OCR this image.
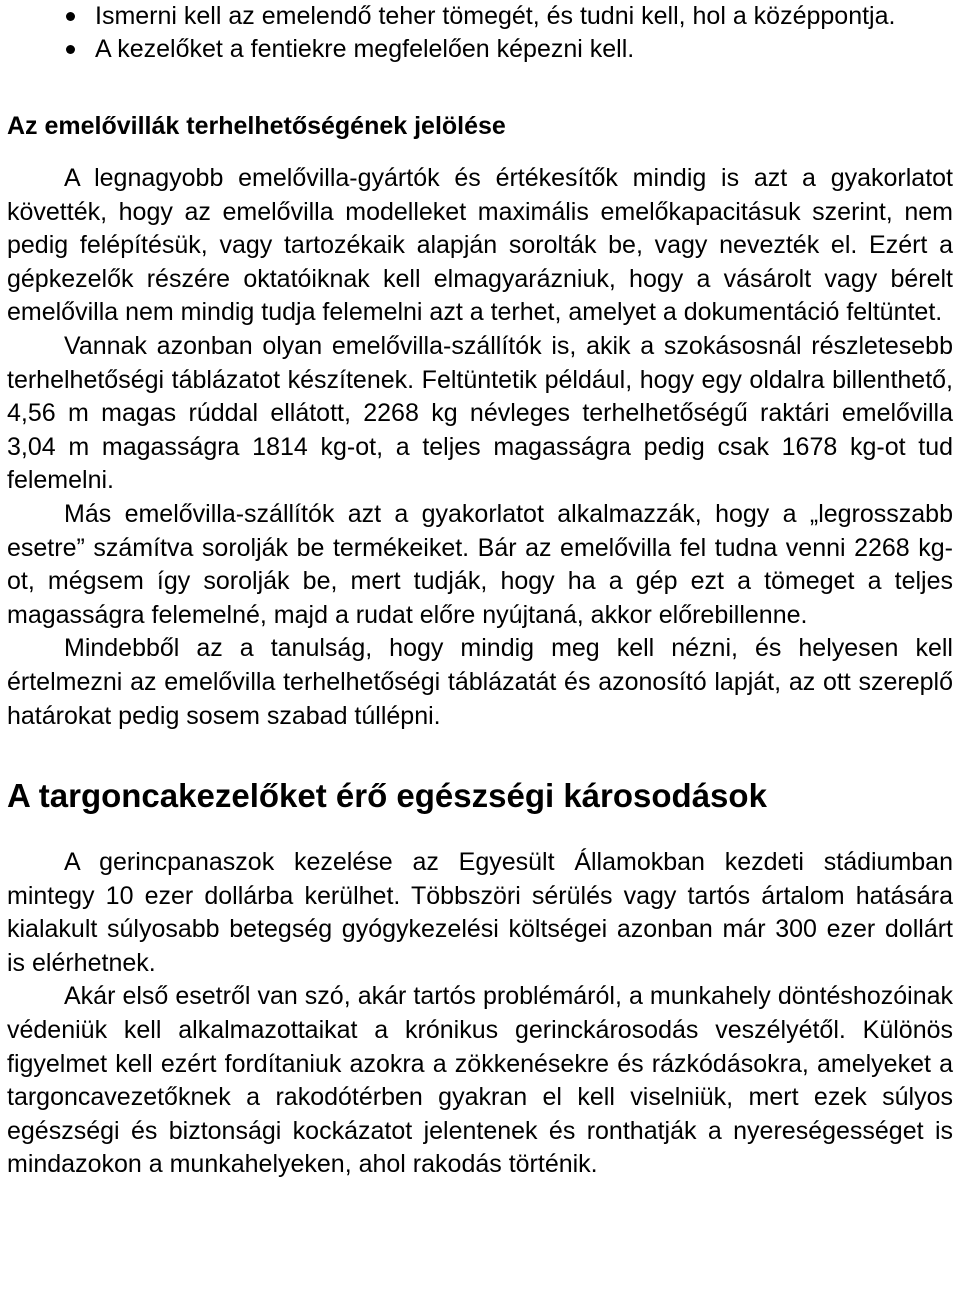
Ismerni kell az emelendő teher tömegét, és tudni kell, hol a középpontja.
A kezelőket a fentiekre megfelelően képezni kell.
Az emelővillák terhelhetőségének jelölése

A legnagyobb emelővilla-gyártók és értékesítők mindig is azt a gyakorlatot követték, hogy az emelővilla modelleket maximális emelőkapacitásuk szerint, nem pedig felépítésük, vagy tartozékaik alapján sorolták be, vagy nevezték el. Ezért a gépkezelők részére oktatóiknak kell elmagyarázniuk, hogy a vásárolt vagy bérelt emelővilla nem mindig tudja felemelni azt a terhet, amelyet a dokumentáció feltüntet.

Vannak azonban olyan emelővilla-szállítók is, akik a szokásosnál részletesebb terhelhetőségi táblázatot készítenek. Feltüntetik például, hogy egy oldalra billenthető, 4,56 m magas rúddal ellátott, 2268 kg névleges terhelhetőségű raktári emelővilla 3,04 m magasságra 1814 kg-ot, a teljes magasságra pedig csak 1678 kg-ot tud felemelni.

Más emelővilla-szállítók azt a gyakorlatot alkalmazzák, hogy a „legrosszabb esetre” számítva sorolják be termékeiket. Bár az emelővilla fel tudna venni 2268 kg-ot, mégsem így sorolják be, mert tudják, hogy ha a gép ezt a tömeget a teljes magasságra felemelné, majd a rudat előre nyújtaná, akkor előrebillenne.

Mindebből az a tanulság, hogy mindig meg kell nézni, és helyesen kell értelmezni az emelővilla terhelhetőségi táblázatát és azonosító lapját, az ott szereplő határokat pedig sosem szabad túllépni.

A targoncakezelőket érő egészségi károsodások

A gerincpanaszok kezelése az Egyesült Államokban kezdeti stádiumban mintegy 10 ezer dollárba kerülhet. Többszöri sérülés vagy tartós ártalom hatására kialakult súlyosabb betegség gyógykezelési költségei azonban már 300 ezer dollárt is elérhetnek.

Akár első esetről van szó, akár tartós problémáról, a munkahely döntéshozóinak védeniük kell alkalmazottaikat a krónikus gerinckárosodás veszélyétől. Különös figyelmet kell ezért fordítaniuk azokra a zökkenésekre és rázkódásokra, amelyeket a targoncavezetőknek a rakodótérben gyakran el kell viselniük, mert ezek súlyos egészségi és biztonsági kockázatot jelentenek és ronthatják a nyereségességet is mindazokon a munkahelyeken, ahol rakodás történik.
